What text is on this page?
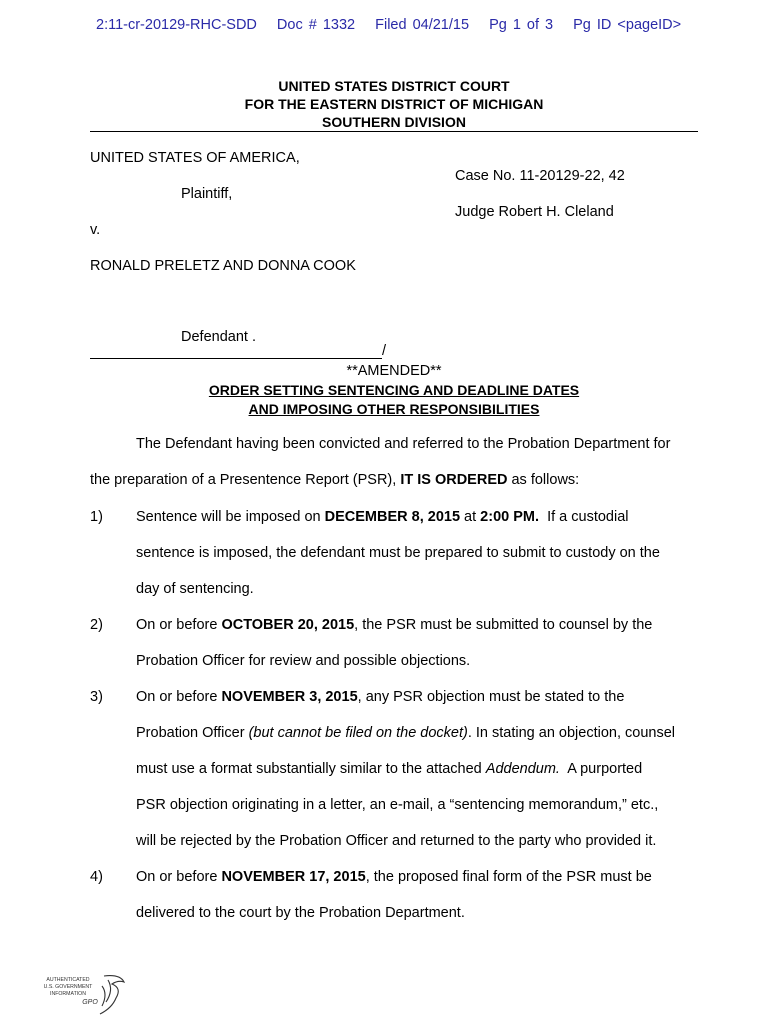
2:11-cr-20129-RHC-SDD Doc # 1332 Filed 04/21/15 Pg 1 of 3 Pg ID <pageID>
UNITED STATES DISTRICT COURT
FOR THE EASTERN DISTRICT OF MICHIGAN
SOUTHERN DIVISION
UNITED STATES OF AMERICA,
Case No. 11-20129-22, 42
Plaintiff,
Judge Robert H. Cleland
v.
RONALD PRELETZ AND DONNA COOK
Defendant .
/
**AMENDED**
ORDER SETTING SENTENCING AND DEADLINE DATES
AND IMPOSING OTHER RESPONSIBILITIES
The Defendant having been convicted and referred to the Probation Department for
the preparation of a Presentence Report (PSR), IT IS ORDERED as follows:
1) Sentence will be imposed on DECEMBER 8, 2015 at 2:00 PM.  If a custodial
sentence is imposed, the defendant must be prepared to submit to custody on the
day of sentencing.
2) On or before OCTOBER 20, 2015, the PSR must be submitted to counsel by the
Probation Officer for review and possible objections.
3) On or before NOVEMBER 3, 2015, any PSR objection must be stated to the
Probation Officer (but cannot be filed on the docket). In stating an objection, counsel
must use a format substantially similar to the attached Addendum.  A purported
PSR objection originating in a letter, an e-mail, a “sentencing memorandum,” etc.,
will be rejected by the Probation Officer and returned to the party who provided it.
4) On or before NOVEMBER 17, 2015, the proposed final form of the PSR must be
delivered to the court by the Probation Department.
AUTHENTICATED
U.S. GOVERNMENT
INFORMATION
GPO
